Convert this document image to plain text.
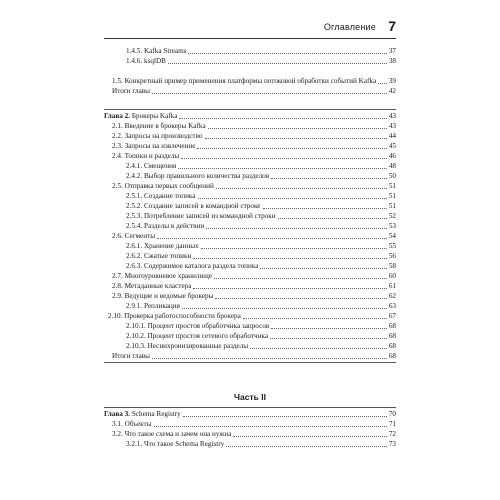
Оглавление 7
1.4.5. Kafka Streams	37
1.4.6. ksqlDB	38
1.5. Конкретный пример применения платформы потоковой обработки событий Kafka 39
Итоги главы	42
Глава 2. Брокеры Kafka	43
2.1. Введение в брокеры Kafka	43
2.2. Запросы на производство	44
2.3. Запросы на извлечение	45
2.4. Топики и разделы	46
2.4.1. Смещения	48
2.4.2. Выбор правильного количества разделов	50
2.5. Отправка первых сообщений	51
2.5.1. Создание топика	51
2.5.2. Создание записей в командной строке	51
2.5.3. Потребление записей из командной строки	52
2.5.4. Разделы в действии	53
2.6. Сегменты	54
2.6.1. Хранение данных	55
2.6.2. Сжатые топики	56
2.6.3. Содержимое каталога раздела топика	58
2.7. Многоуровневое хранилище	60
2.8. Метаданные кластера	61
2.9. Ведущие и ведомые брокеры	62
2.9.1. Репликация	63
2.10. Проверка работоспособности брокера	67
2.10.1. Процент простоя обработчика запросов	68
2.10.2. Процент простоя сетевого обработчика	68
2.10.3. Несинхронизированные разделы	68
Итоги главы	68
Часть II
Глава 3. Schema Registry	70
3.1. Объекты	71
3.2. Что такое схема и зачем она нужна	72
3.2.1. Что такое Schema Registry	73
